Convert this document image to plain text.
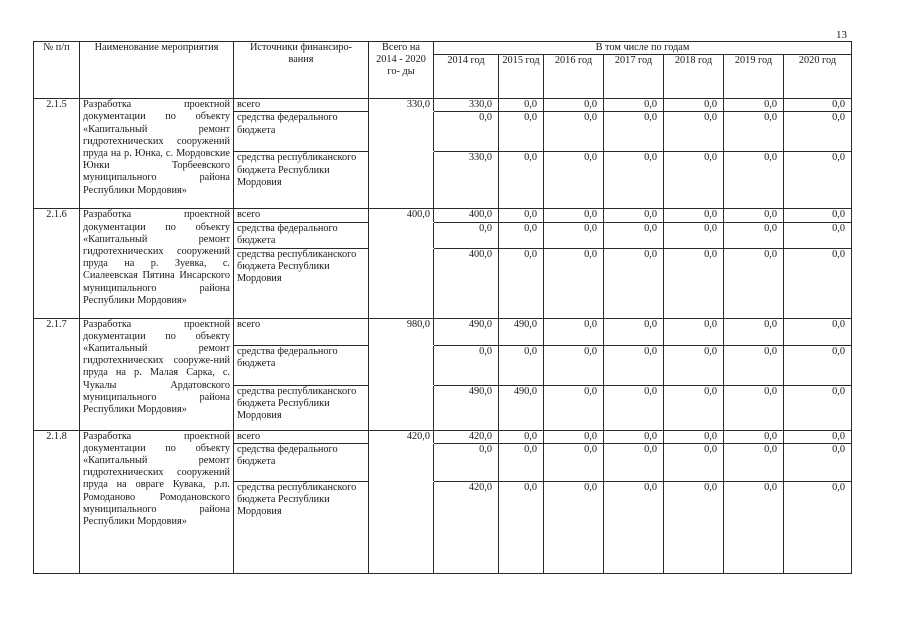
13
№ п/п	Наименование мероприятия	Источники финансиро- вания	Всего на 2014 - 2020 го- ды	В том числе по годам						
				2014 год	2015 год	2016 год	2017 год	2018 год	2019 год	2020 год
2.1.5	Разработка проектной документации по объекту «Капитальный ремонт гидротехнических сооружений пруда на р. Юнка, с. Мордовские Юнки Торбеевского муниципального района Республики Мордовия»	всего	330,0	330,0	0,0	0,0	0,0	0,0	0,0	0,0
		средства федерального бюджета		0,0	0,0	0,0	0,0	0,0	0,0	0,0
		средства республиканского бюджета Республики Мордовия		330,0	0,0	0,0	0,0	0,0	0,0	0,0
2.1.6	Разработка проектной документации по объекту «Капитальный ремонт гидротехнических сооружений пруда на р. Зуевка, с. Сиалеевская Пятина Инсарского муниципального района Республики Мордовия»	всего	400,0	400,0	0,0	0,0	0,0	0,0	0,0	0,0
		средства федерального бюджета		0,0	0,0	0,0	0,0	0,0	0,0	0,0
		средства республиканского бюджета Республики Мордовия		400,0	0,0	0,0	0,0	0,0	0,0	0,0
2.1.7	Разработка проектной документации по объекту «Капитальный ремонт гидротехнических сооруже-ний пруда на р. Малая Сарка, с. Чукалы Ардатовского муниципального района Республики Мордовия»	всего	980,0	490,0	490,0	0,0	0,0	0,0	0,0	0,0
		средства федерального бюджета		0,0	0,0	0,0	0,0	0,0	0,0	0,0
		средства республиканского бюджета Республики Мордовия		490,0	490,0	0,0	0,0	0,0	0,0	0,0
2.1.8	Разработка проектной документации по объекту «Капитальный ремонт гидротехнических сооружений пруда на овраге Кувака, р.п. Ромоданово Ромодановского муниципального района Республики Мордовия»	всего	420,0	420,0	0,0	0,0	0,0	0,0	0,0	0,0
		средства федерального бюджета		0,0	0,0	0,0	0,0	0,0	0,0	0,0
		средства республиканского бюджета Республики Мордовия		420,0	0,0	0,0	0,0	0,0	0,0	0,0
